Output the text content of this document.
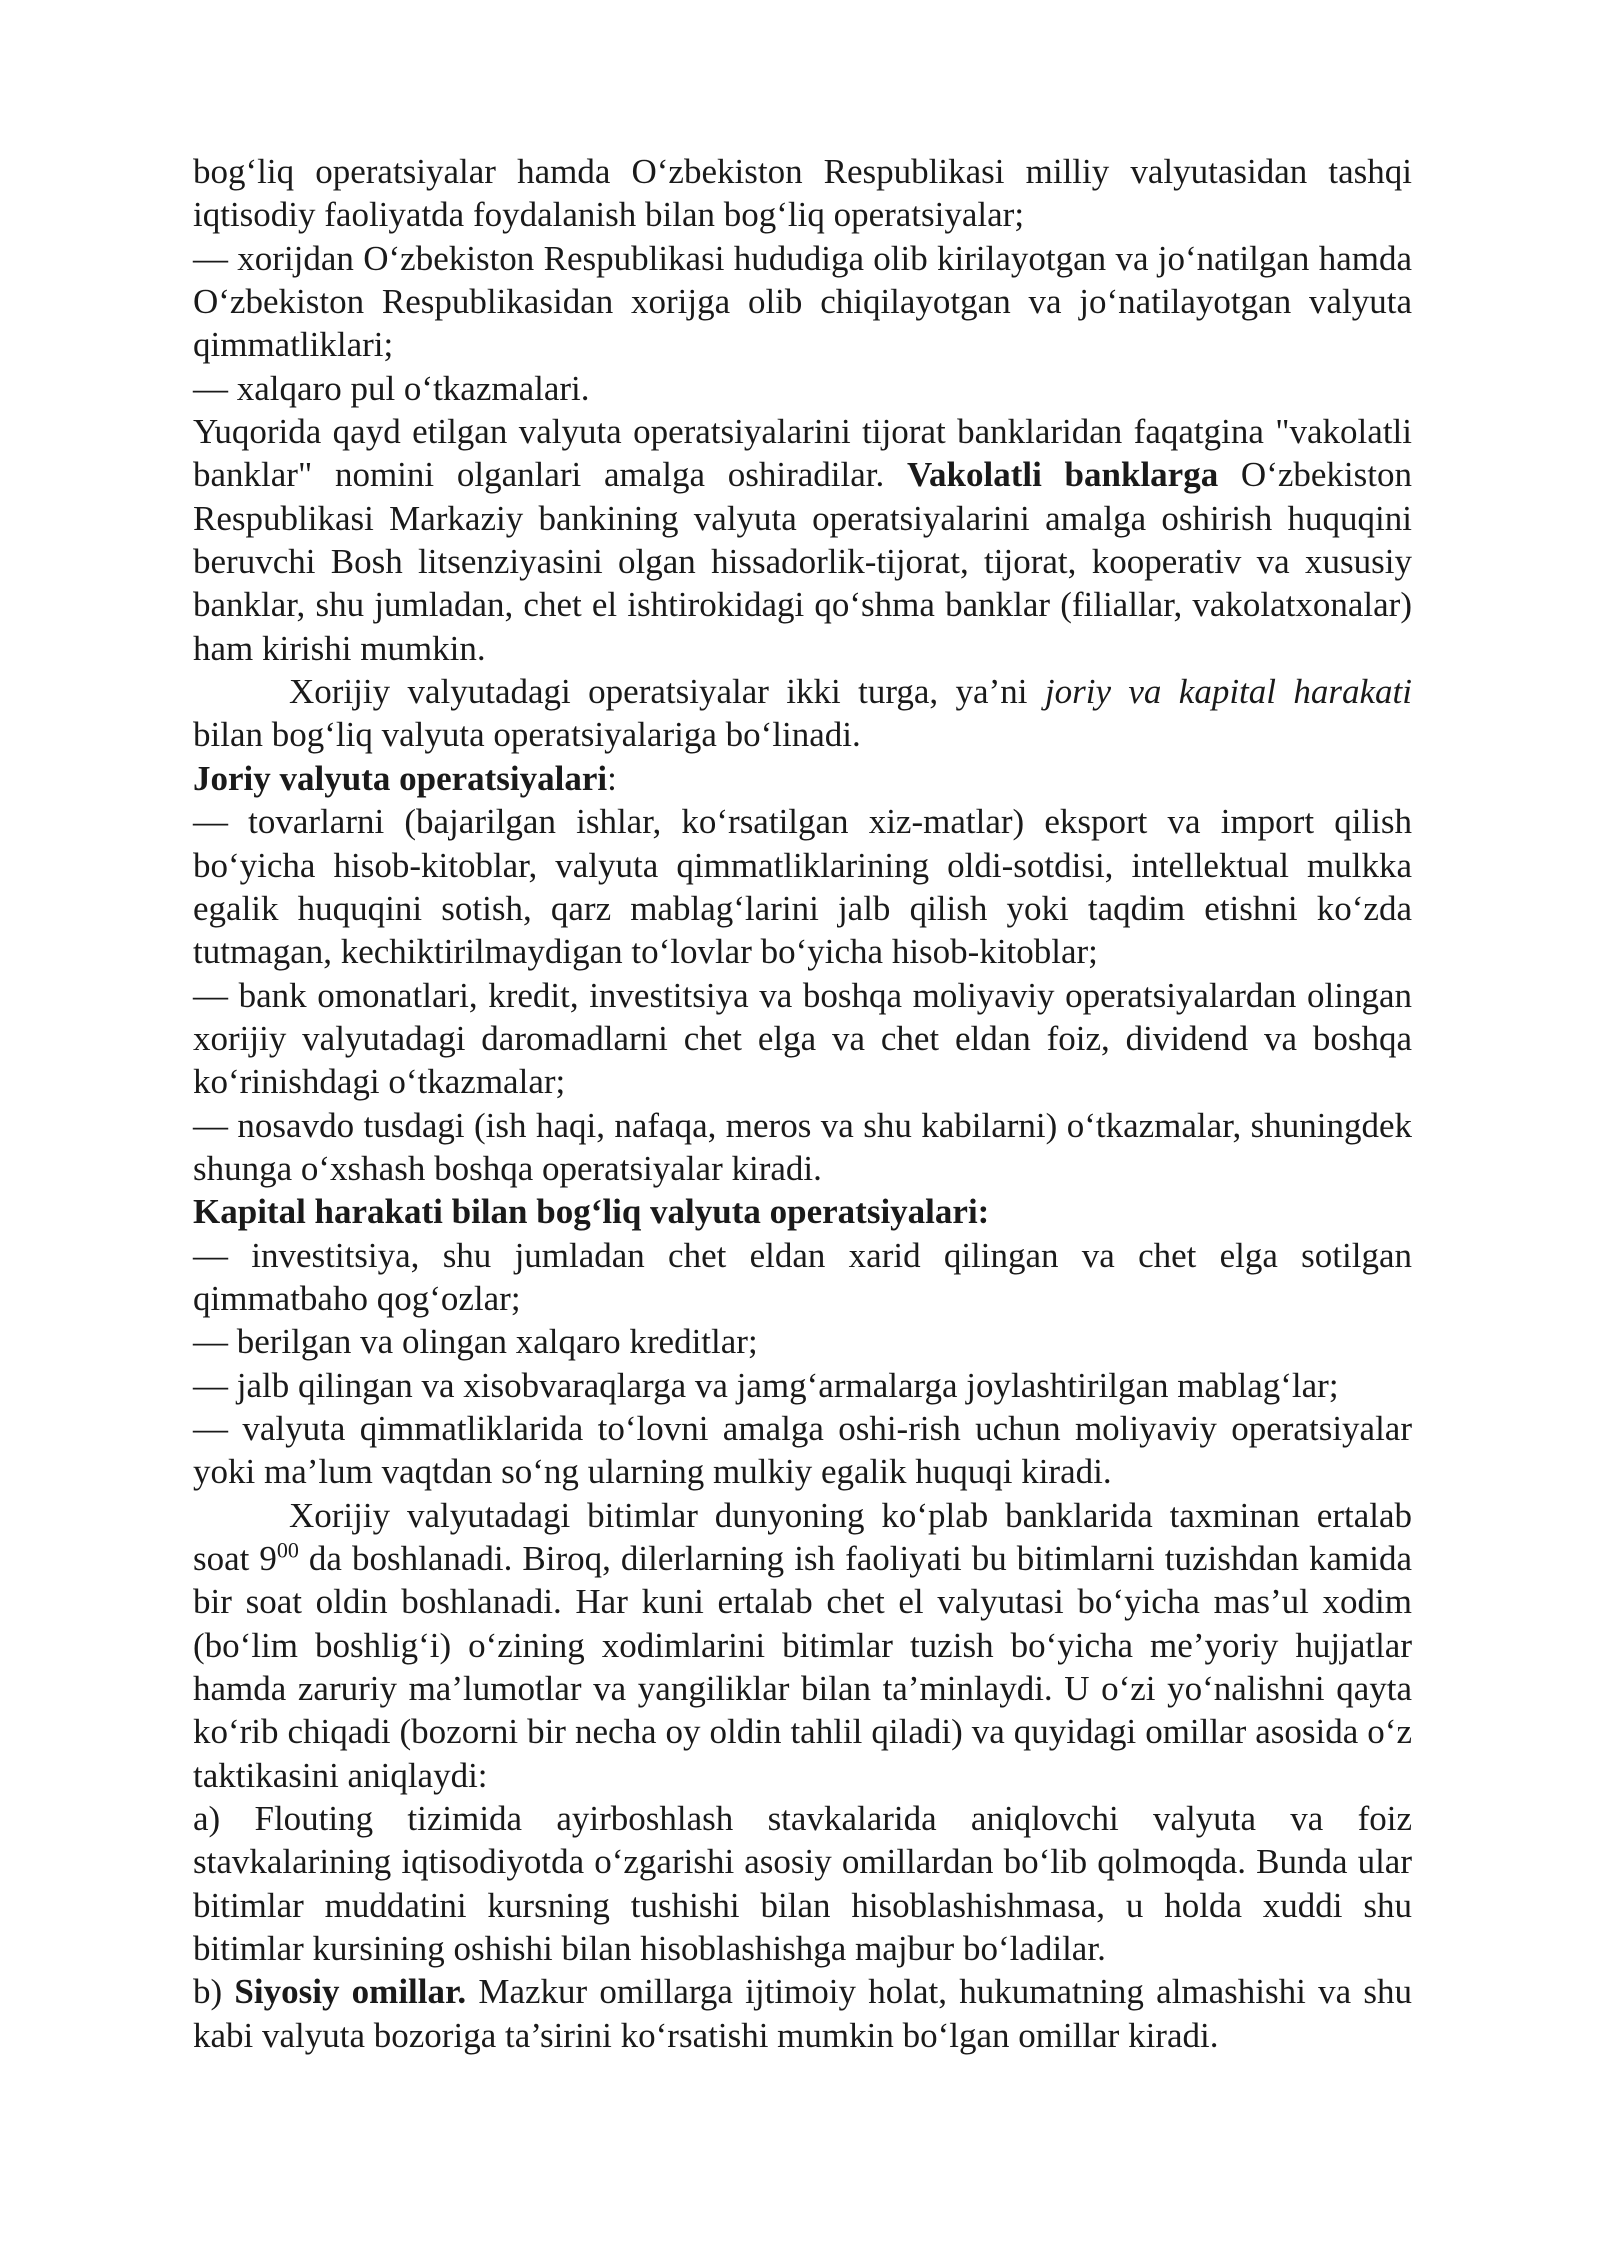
bog‘liq operatsiyalar hamda O‘zbekiston Respublikasi milliy valyutasidan tashqi iqtisodiy faoliyatda foydalanish bilan bog‘liq operatsiyalar;

— xorijdan O‘zbekiston Respublikasi hududiga olib kirilayotgan va jo‘natilgan hamda O‘zbekiston Respublikasidan xorijga olib chiqilayotgan va jo‘natilayotgan valyuta qimmatliklari;

— xalqaro pul o‘tkazmalari.

Yuqorida qayd etilgan valyuta operatsiyalarini tijorat banklaridan faqatgina "vakolatli banklar" nomini olganlari amalga oshiradilar. Vakolatli banklarga O‘zbekiston Respublikasi Markaziy bankining valyuta operatsiyalarini amalga oshirish huquqini beruvchi Bosh litsenziyasini olgan hissadorlik-tijorat, tijorat, kooperativ va xususiy banklar, shu jumladan, chet el ishtirokidagi qo‘shma banklar (filiallar, vakolatxonalar) ham kirishi mumkin.

Xorijiy valyutadagi operatsiyalar ikki turga, ya’ni joriy va kapital harakati bilan bog‘liq valyuta operatsiyalariga bo‘linadi.

Joriy valyuta operatsiyalari:

— tovarlarni (bajarilgan ishlar, ko‘rsatilgan xiz-matlar) eksport va import qilish bo‘yicha hisob-kitoblar, valyuta qimmatliklarining oldi-sotdisi, intellektual mulkka egalik huquqini sotish, qarz mablag‘larini jalb qilish yoki taqdim etishni ko‘zda tutmagan, kechiktirilmaydigan to‘lovlar bo‘yicha hisob-kitoblar;

— bank omonatlari, kredit, investitsiya va boshqa moliyaviy operatsiyalardan olingan xorijiy valyutadagi daromadlarni chet elga va chet eldan foiz, dividend va boshqa ko‘rinishdagi o‘tkazmalar;

— nosavdo tusdagi (ish haqi, nafaqa, meros va shu kabilarni) o‘tkazmalar, shuningdek shunga o‘xshash boshqa operatsiyalar kiradi.

Kapital harakati bilan bog‘liq valyuta operatsiyalari:

— investitsiya, shu jumladan chet eldan xarid qilingan va chet elga sotilgan qimmatbaho qog‘ozlar;

— berilgan va olingan xalqaro kreditlar;

— jalb qilingan va xisobvaraqlarga va jamg‘armalarga joylashtirilgan mablag‘lar;

— valyuta qimmatliklarida to‘lovni amalga oshi-rish uchun moliyaviy operatsiyalar yoki ma’lum vaqtdan so‘ng ularning mulkiy egalik huquqi kiradi.

Xorijiy valyutadagi bitimlar dunyoning ko‘plab banklarida taxminan ertalab soat $9^{00}$ da boshlanadi. Biroq, dilerlarning ish faoliyati bu bitimlarni tuzishdan kamida bir soat oldin boshlanadi. Har kuni ertalab chet el valyutasi bo‘yicha mas’ul xodim (bo‘lim boshlig‘i) o‘zining xodimlarini bitimlar tuzish bo‘yicha me’yoriy hujjatlar hamda zaruriy ma’lumotlar va yangiliklar bilan ta’minlaydi. U o‘zi yo‘nalishni qayta ko‘rib chiqadi (bozorni bir necha oy oldin tahlil qiladi) va quyidagi omillar asosida o‘z taktikasini aniqlaydi:

a) Flouting tizimida ayirboshlash stavkalarida aniqlovchi valyuta va foiz stavkalarining iqtisodiyotda o‘zgarishi asosiy omillardan bo‘lib qolmoqda. Bunda ular bitimlar muddatini kursning tushishi bilan hisoblashishmasa, u holda xuddi shu bitimlar kursining oshishi bilan hisoblashishga majbur bo‘ladilar.

b) Siyosiy omillar. Mazkur omillarga ijtimoiy holat, hukumatning almashishi va shu kabi valyuta bozoriga ta’sirini ko‘rsatishi mumkin bo‘lgan omillar kiradi.
